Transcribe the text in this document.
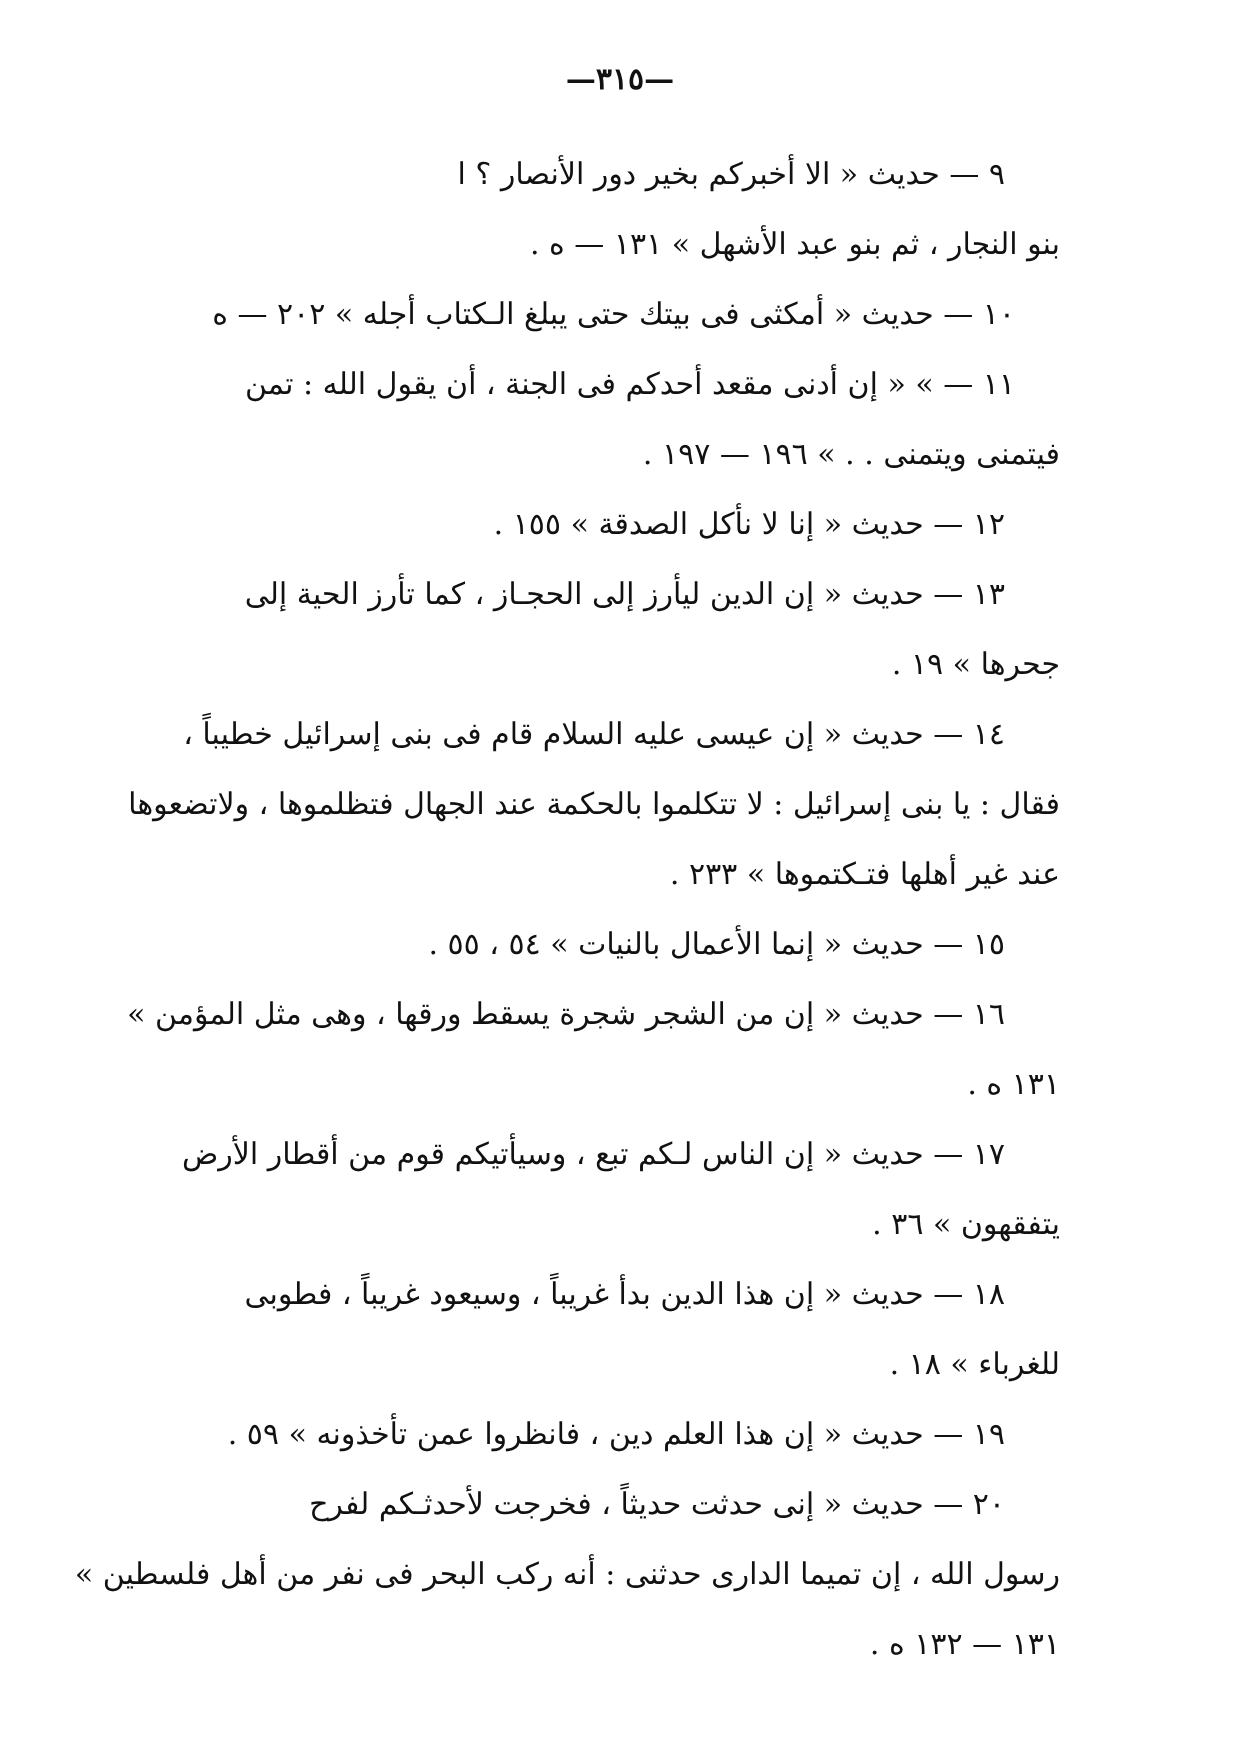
—٣١٥—
٩ — حديث « الا أخبركم بخير دور الأنصار ؟ ا
بنو النجار ، ثم بنو عبد الأشهل » ١٣١ — ه .
١٠ — حديث « أمكثى فى بيتك حتى يبلغ الـكتاب أجله » ٢٠٢ — ه
١١ — » « إن أدنى مقعد أحدكم فى الجنة ، أن يقول الله : تمن
فيتمنى ويتمنى . . » ١٩٦ — ١٩٧ .
١٢ — حديث « إنا لا نأكل الصدقة » ١٥٥ .
١٣ — حديث « إن الدين ليأرز إلى الحجـاز ، كما تأرز الحية إلى
جحرها » ١٩ .
١٤ — حديث « إن عيسى عليه السلام قام فى بنى إسرائيل خطيباً ،
فقال : يا بنى إسرائيل : لا تتكلموا بالحكمة عند الجهال فتظلموها ، ولاتضعوها
عند غير أهلها فتـكتموها » ٢٣٣ .
١٥ — حديث « إنما الأعمال بالنيات » ٥٤ ، ٥٥ .
١٦ — حديث « إن من الشجر شجرة يسقط ورقها ، وهى مثل المؤمن »
١٣١ ه .
١٧ — حديث « إن الناس لـكم تبع ، وسيأتيكم قوم من أقطار الأرض
يتفقهون » ٣٦ .
١٨ — حديث « إن هذا الدين بدأ غريباً ، وسيعود غريباً ، فطوبى
للغرباء » ١٨ .
١٩ — حديث « إن هذا العلم دين ، فانظروا عمن تأخذونه » ٥٩ .
٢٠ — حديث « إنى حدثت حديثاً ، فخرجت لأحدثـكم لفرح
رسول الله ، إن تميما الدارى حدثنى : أنه ركب البحر فى نفر من أهل فلسطين »
١٣١ — ١٣٢ ه .
